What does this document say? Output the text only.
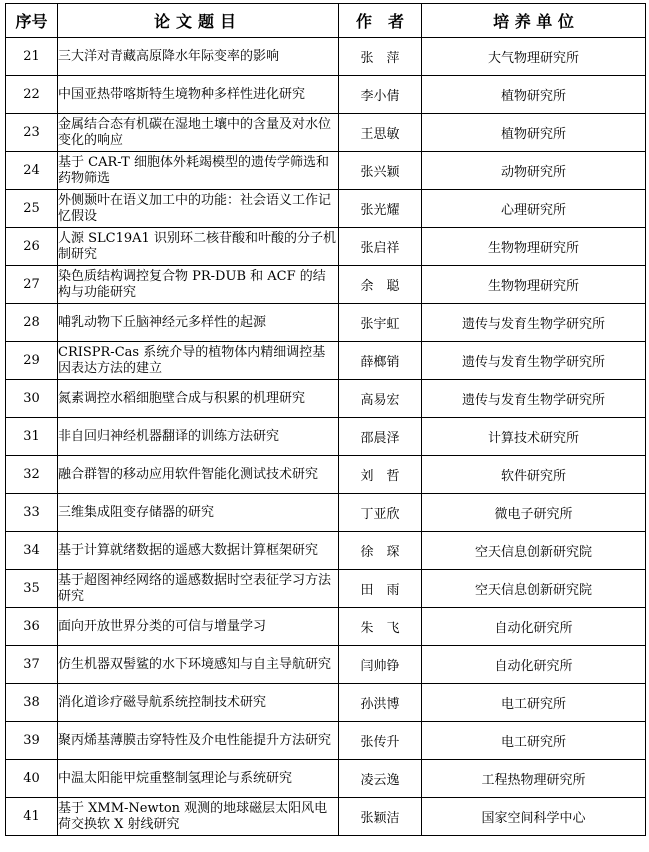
序号	论文题目	作　者	培 养 单 位
21	三大洋对青藏高原降水年际变率的影响	张　萍	大气物理研究所
22	中国亚热带喀斯特生境物种多样性进化研究	李小倩	植物研究所
23	金属结合态有机碳在湿地土壤中的含量及对水位变化的响应	王思敏	植物研究所
24	基于 CAR-T 细胞体外耗竭模型的遗传学筛选和药物筛选	张兴颖	动物研究所
25	外侧颞叶在语义加工中的功能：社会语义工作记忆假设	张光耀	心理研究所
26	人源 SLC19A1 识别环二核苷酸和叶酸的分子机制研究	张启祥	生物物理研究所
27	染色质结构调控复合物 PR-DUB 和 ACF 的结构与功能研究	余　聪	生物物理研究所
28	哺乳动物下丘脑神经元多样性的起源	张宇虹	遗传与发育生物学研究所
29	CRISPR-Cas 系统介导的植物体内精细调控基因表达方法的建立	薛榔销	遗传与发育生物学研究所
30	氮素调控水稻细胞壁合成与积累的机理研究	高易宏	遗传与发育生物学研究所
31	非自回归神经机器翻译的训练方法研究	邵晨泽	计算技术研究所
32	融合群智的移动应用软件智能化测试技术研究	刘　哲	软件研究所
33	三维集成阻变存储器的研究	丁亚欣	微电子研究所
34	基于计算就绪数据的遥感大数据计算框架研究	徐　琛	空天信息创新研究院
35	基于超图神经网络的遥感数据时空表征学习方法研究	田　雨	空天信息创新研究院
36	面向开放世界分类的可信与增量学习	朱　飞	自动化研究所
37	仿生机器双髻鲨的水下环境感知与自主导航研究	闫帅铮	自动化研究所
38	消化道诊疗磁导航系统控制技术研究	孙洪博	电工研究所
39	聚丙烯基薄膜击穿特性及介电性能提升方法研究	张传升	电工研究所
40	中温太阳能甲烷重整制氢理论与系统研究	凌云逸	工程热物理研究所
41	基于 XMM-Newton 观测的地球磁层太阳风电荷交换软 X 射线研究	张颖洁	国家空间科学中心
